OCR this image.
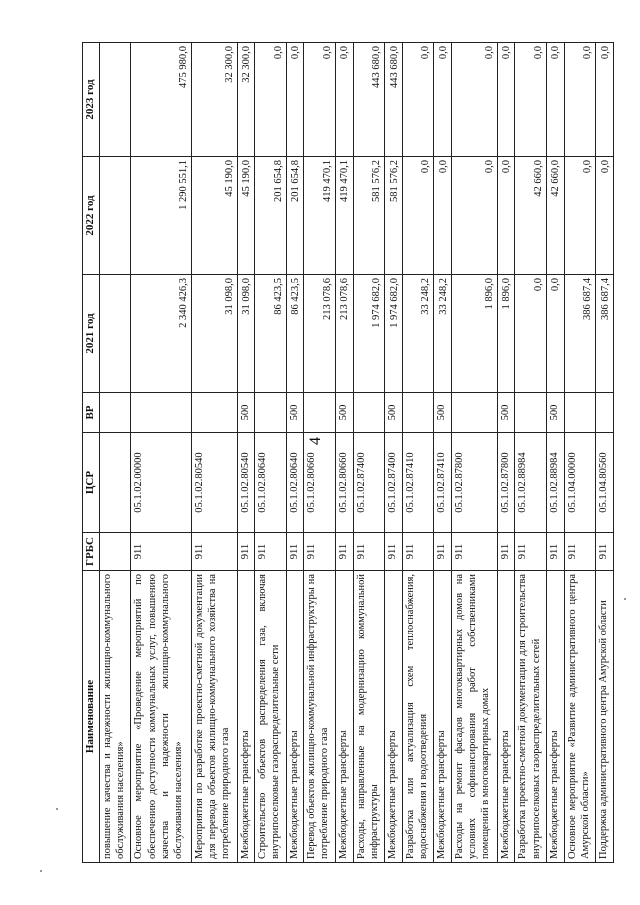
4
Наименование	ГРБС	ЦСР	ВР	2021 год	2022 год	2023 год
повышение качества и надежности жилищно-коммунального обслуживания населения»						
Основное мероприятие «Проведение мероприятий по обеспечению доступности коммунальных услуг, повышению качества и надежности жилищно-коммунального обслуживания населения»	911	05.1.02.00000		2 340 426,3	1 290 551,1	475 980,0
Мероприятия по разработке проектно-сметной документации для перевода объектов жилищно-коммунального хозяйства на потребление природного газа	911	05.1.02.80540		31 098,0	45 190,0	32 300,0
Межбюджетные трансферты	911	05.1.02.80540	500	31 098,0	45 190,0	32 300,0
Строительство объектов распределения газа, включая внутрипоселковые газораспределительные сети	911	05.1.02.80640		86 423,5	201 654,8	0,0
Межбюджетные трансферты	911	05.1.02.80640	500	86 423,5	201 654,8	0,0
Перевод объектов жилищно-коммунальной инфраструктуры на потребление природного газа	911	05.1.02.80660		213 078,6	419 470,1	0,0
Межбюджетные трансферты	911	05.1.02.80660	500	213 078,6	419 470,1	0,0
Расходы, направленные на модернизацию коммунальной инфраструктуры	911	05.1.02.87400		1 974 682,0	581 576,2	443 680,0
Межбюджетные трансферты	911	05.1.02.87400	500	1 974 682,0	581 576,2	443 680,0
Разработка или актуализация схем теплоснабжения, водоснабжения и водоотведения	911	05.1.02.87410		33 248,2	0,0	0,0
Межбюджетные трансферты	911	05.1.02.87410	500	33 248,2	0,0	0,0
Расходы на ремонт фасадов многоквартирных домов на условиях софинансирования работ собственниками помещений в многоквартирных домах	911	05.1.02.87800		1 896,0	0,0	0,0
Межбюджетные трансферты	911	05.1.02.87800	500	1 896,0	0,0	0,0
Разработка проектно-сметной документации для строительства внутрипоселковых газораспределительных сетей	911	05.1.02.88984		0,0	42 660,0	0,0
Межбюджетные трансферты	911	05.1.02.88984	500	0,0	42 660,0	0,0
Основное мероприятие «Развитие административного центра Амурской области»	911	05.1.04.00000		386 687,4	0,0	0,0
Поддержка административного центра Амурской области	911	05.1.04.80560		386 687,4	0,0	0,0
